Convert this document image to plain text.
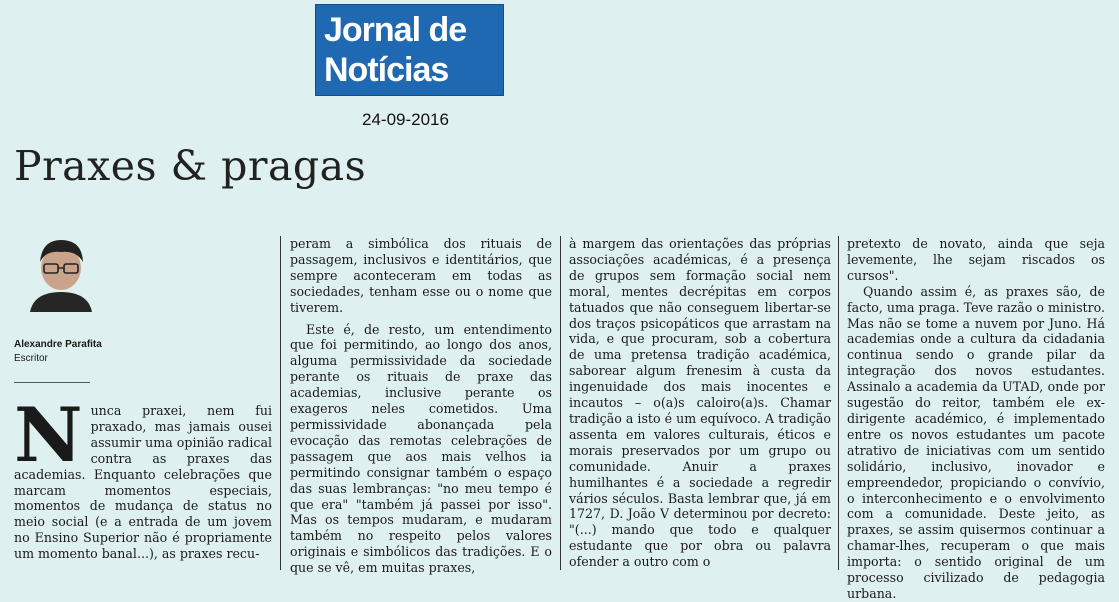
Jornal de
Notícias
24-09-2016
Praxes & pragas
Alexandre Parafita
Escritor
N unca praxei, nem fui praxado, mas jamais ousei assumir uma opinião radical contra as praxes das academias. Enquanto celebrações que marcam momentos especiais, momentos de mudança de status no meio social (e a entrada de um jovem no Ensino Superior não é propriamente um momento banal...), as praxes recu-

peram a simbólica dos rituais de passagem, inclusivos e identitários, que sempre aconteceram em todas as sociedades, tenham esse ou o nome que tiverem.

Este é, de resto, um entendimento que foi permitindo, ao longo dos anos, alguma permissividade da sociedade perante os rituais de praxe das academias, inclusive perante os exageros neles cometidos. Uma permissividade abonançada pela evocação das remotas celebrações de passagem que aos mais velhos ia permitindo consignar também o espaço das suas lembranças: "no meu tempo é que era" "também já passei por isso". Mas os tempos mudaram, e mudaram também no respeito pelos valores originais e simbólicos das tradições. E o que se vê, em muitas praxes,

à margem das orientações das próprias associações académicas, é a presença de grupos sem formação social nem moral, mentes decrépitas em corpos tatuados que não conseguem libertar-se dos traços psicopáticos que arrastam na vida, e que procuram, sob a cobertura de uma pretensa tradição académica, saborear algum frenesim à custa da ingenuidade dos mais inocentes e incautos – o(a)s caloiro(a)s. Chamar tradição a isto é um equívoco. A tradição assenta em valores culturais, éticos e morais preservados por um grupo ou comunidade. Anuir a praxes humilhantes é a sociedade a regredir vários séculos. Basta lembrar que, já em 1727, D. João V determinou por decreto: "(...) mando que todo e qualquer estudante que por obra ou palavra ofender a outro com o

pretexto de novato, ainda que seja levemente, lhe sejam riscados os cursos".

Quando assim é, as praxes são, de facto, uma praga. Teve razão o ministro. Mas não se tome a nuvem por Juno. Há academias onde a cultura da cidadania continua sendo o grande pilar da integração dos novos estudantes. Assinalo a academia da UTAD, onde por sugestão do reitor, também ele ex-dirigente académico, é implementado entre os novos estudantes um pacote atrativo de iniciativas com um sentido solidário, inclusivo, inovador e empreendedor, propiciando o convívio, o interconhecimento e o envolvimento com a comunidade. Deste jeito, as praxes, se assim quisermos continuar a chamar-lhes, recuperam o que mais importa: o sentido original de um processo civilizado de pedagogia urbana.
